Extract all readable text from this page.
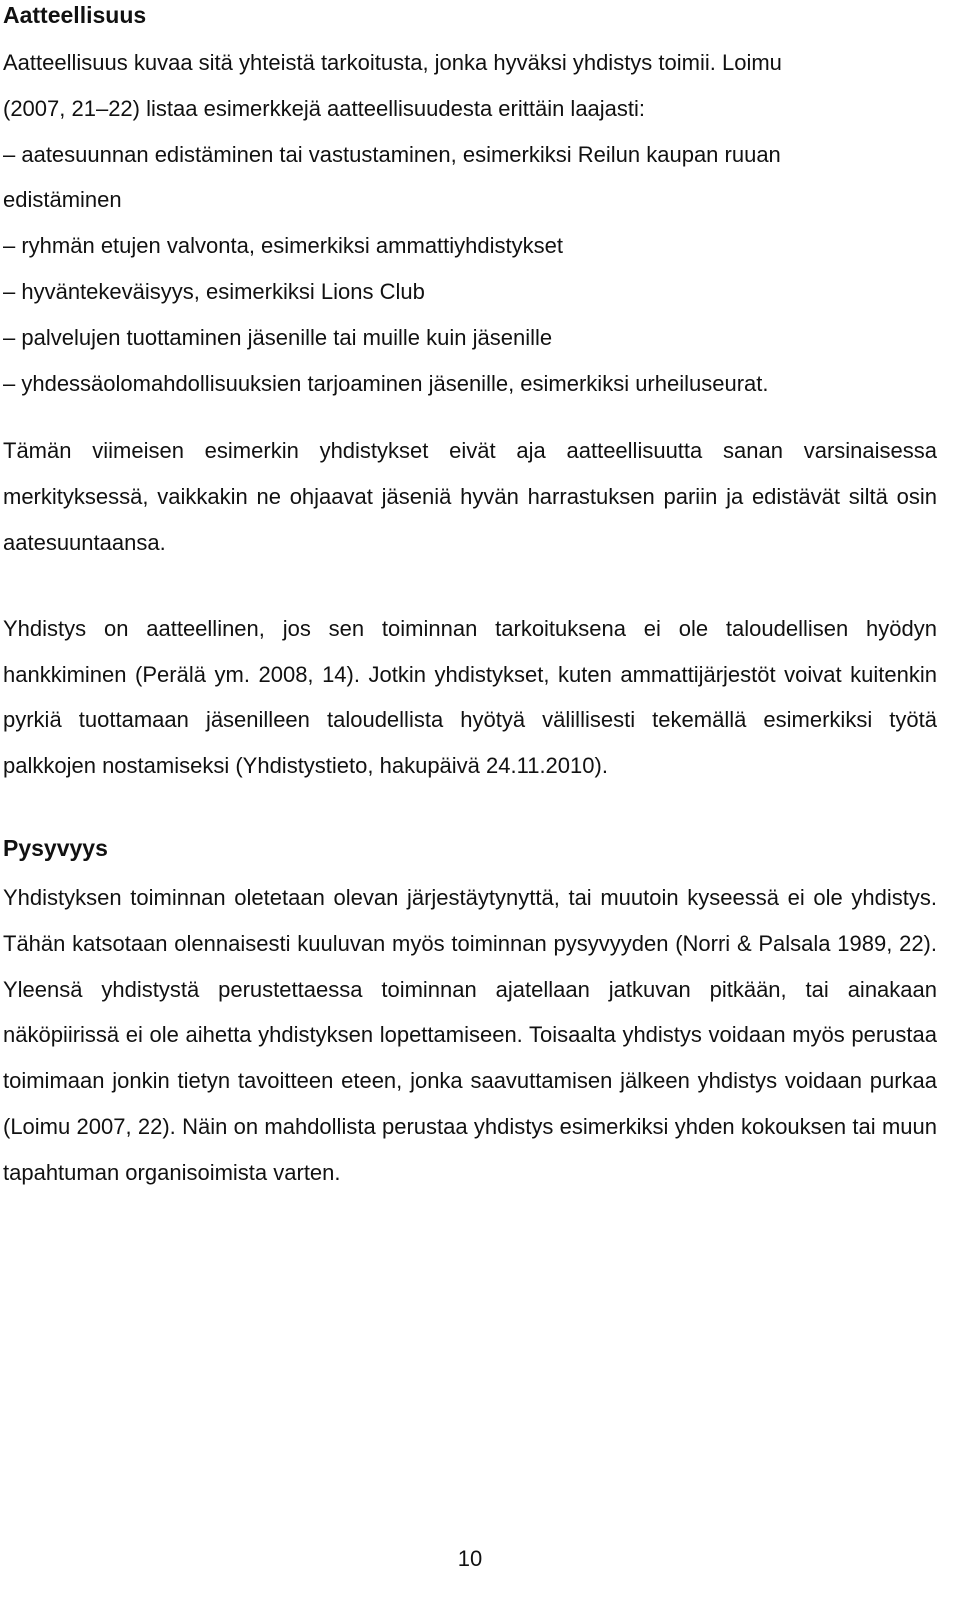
Aatteellisuus
Aatteellisuus kuvaa sitä yhteistä tarkoitusta, jonka hyväksi yhdistys toimii. Loimu
(2007, 21–22) listaa esimerkkejä aatteellisuudesta erittäin laajasti:
– aatesuunnan edistäminen tai vastustaminen, esimerkiksi Reilun kaupan ruuan
edistäminen
– ryhmän etujen valvonta, esimerkiksi ammattiyhdistykset
– hyväntekeväisyys, esimerkiksi Lions Club
– palvelujen tuottaminen jäsenille tai muille kuin jäsenille
– yhdessäolomahdollisuuksien tarjoaminen jäsenille, esimerkiksi urheiluseurat.

Tämän viimeisen esimerkin yhdistykset eivät aja aatteellisuutta sanan varsinaisessa merkityksessä, vaikkakin ne ohjaavat jäseniä hyvän harrastuksen pariin ja edistävät siltä osin aatesuuntaansa.

Yhdistys on aatteellinen, jos sen toiminnan tarkoituksena ei ole taloudellisen hyödyn hankkiminen (Perälä ym. 2008, 14). Jotkin yhdistykset, kuten ammattijärjestöt voivat kuitenkin pyrkiä tuottamaan jäsenilleen taloudellista hyötyä välillisesti tekemällä esimerkiksi työtä palkkojen nostamiseksi (Yhdistystieto, hakupäivä 24.11.2010).

Pysyvyys

Yhdistyksen toiminnan oletetaan olevan järjestäytynyttä, tai muutoin kyseessä ei ole yhdistys. Tähän katsotaan olennaisesti kuuluvan myös toiminnan pysyvyyden (Norri & Palsala 1989, 22). Yleensä yhdistystä perustettaessa toiminnan ajatellaan jatkuvan pitkään, tai ainakaan näköpiirissä ei ole aihetta yhdistyksen lopettamiseen. Toisaalta yhdistys voidaan myös perustaa toimimaan jonkin tietyn tavoitteen eteen, jonka saavuttamisen jälkeen yhdistys voidaan purkaa (Loimu 2007, 22). Näin on mahdollista perustaa yhdistys esimerkiksi yhden kokouksen tai muun tapahtuman organisoimista varten.

10
